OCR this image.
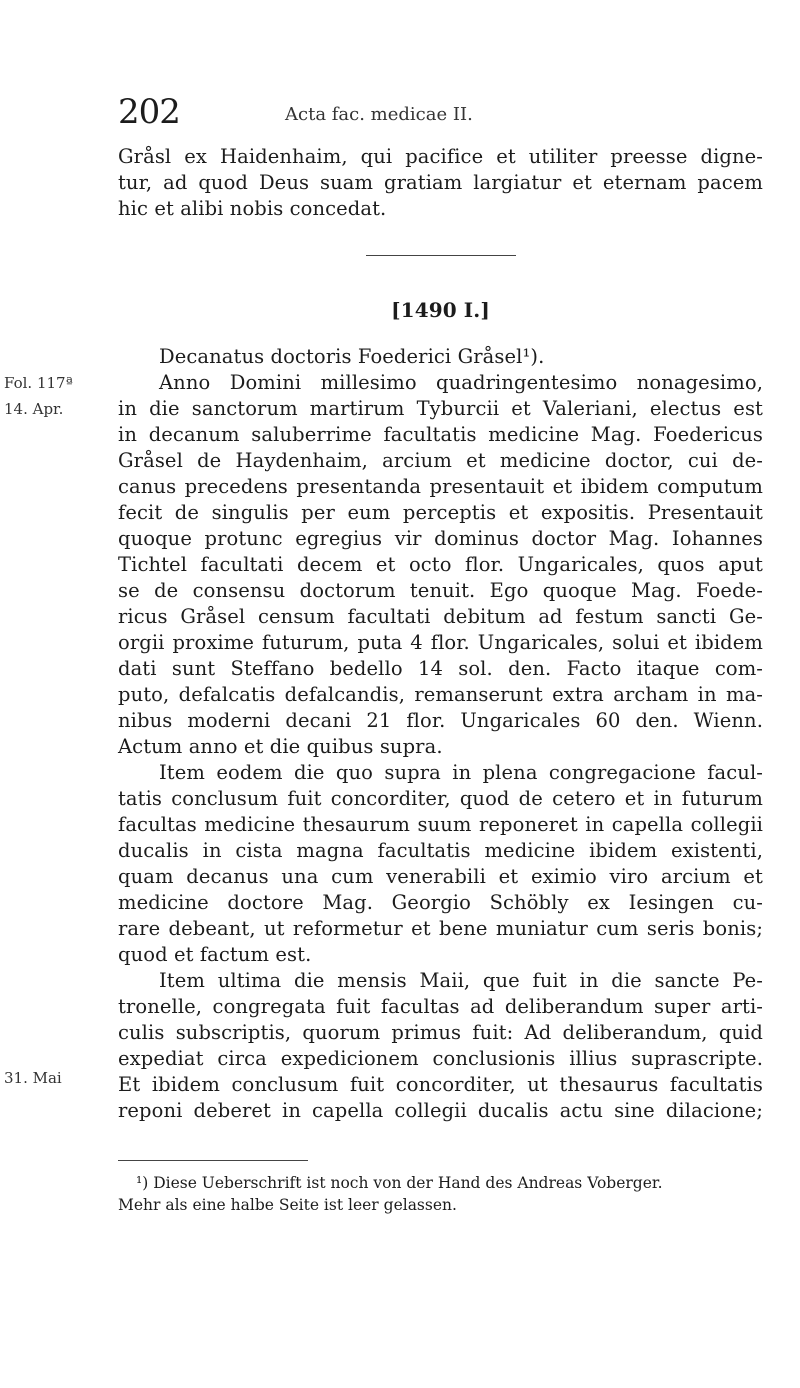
202	Acta fac. medicae II.
Gråsl ex Haidenhaim, qui pacifice et utiliter preesse digne-
tur, ad quod Deus suam gratiam largiatur et eternam pacem
hic et alibi nobis concedat.
[1490 I.]
Decanatus doctoris Foederici Gråsel¹).
Fol. 117ª
14. Apr.
31. Mai
Anno Domini millesimo quadringentesimo nonagesimo,
in die sanctorum martirum Tyburcii et Valeriani, electus est
in decanum saluberrime facultatis medicine Mag. Foedericus
Gråsel de Haydenhaim, arcium et medicine doctor, cui de-
canus precedens presentanda presentauit et ibidem computum
fecit de singulis per eum perceptis et expositis. Presentauit
quoque protunc egregius vir dominus doctor Mag. Iohannes
Tichtel facultati decem et octo flor. Ungaricales, quos aput
se de consensu doctorum tenuit. Ego quoque Mag. Foede-
ricus Gråsel censum facultati debitum ad festum sancti Ge-
orgii proxime futurum, puta 4 flor. Ungaricales, solui et ibidem
dati sunt Steffano bedello 14 sol. den. Facto itaque com-
puto, defalcatis defalcandis, remanserunt extra archam in ma-
nibus moderni decani 21 flor. Ungaricales 60 den. Wienn.
Actum anno et die quibus supra.
Item eodem die quo supra in plena congregacione facul-
tatis conclusum fuit concorditer, quod de cetero et in futurum
facultas medicine thesaurum suum reponeret in capella collegii
ducalis in cista magna facultatis medicine ibidem existenti,
quam decanus una cum venerabili et eximio viro arcium et
medicine doctore Mag. Georgio Schöbly ex Iesingen cu-
rare debeant, ut reformetur et bene muniatur cum seris bonis;
quod et factum est.
Item ultima die mensis Maii, que fuit in die sancte Pe-
tronelle, congregata fuit facultas ad deliberandum super arti-
culis subscriptis, quorum primus fuit: Ad deliberandum, quid
expediat circa expedicionem conclusionis illius suprascripte.
Et ibidem conclusum fuit concorditer, ut thesaurus facultatis
reponi deberet in capella collegii ducalis actu sine dilacione;
¹) Diese Ueberschrift ist noch von der Hand des Andreas Voberger.
Mehr als eine halbe Seite ist leer gelassen.
